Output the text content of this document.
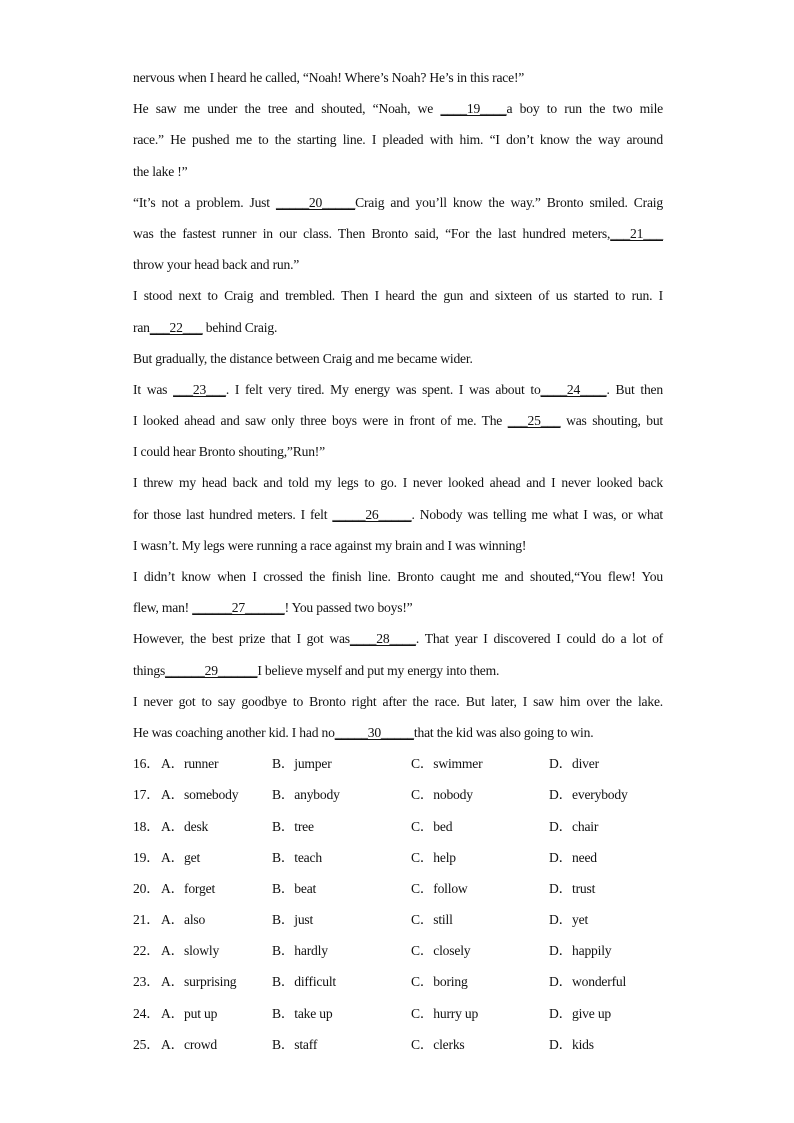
nervous when I heard he called, “Noah! Where’s Noah? He’s in this race!”
He saw me under the tree and shouted, “Noah, we ____19____a boy to run the two mile
race.” He pushed me to the starting line. I pleaded with him. “I don’t know the way around
the lake !”
“It’s not a problem. Just _____20_____Craig and you’ll know the way.” Bronto smiled. Craig
was the fastest runner in our class. Then Bronto said, “For the last hundred meters,___21___
throw your head back and run.”
I stood next to Craig and trembled. Then I heard the gun and sixteen of us started to run. I
ran___22___ behind Craig.
But gradually, the distance between Craig and me became wider.
It was ___23___. I felt very tired. My energy was spent. I was about to____24____. But then
I looked ahead and saw only three boys were in front of me. The ___25___ was shouting, but
I could hear Bronto shouting,”Run!”
I threw my head back and told my legs to go. I never looked ahead and I never looked back
for those last hundred meters. I felt _____26_____. Nobody was telling me what I was, or what
I wasn’t. My legs were running a race against my brain and I was winning!
I didn’t know when I crossed the finish line. Bronto caught me and shouted,“You flew! You
flew, man! ______27______! You passed two boys!”
However, the best prize that I got was____28____. That year I discovered I could do a lot of
things______29______I believe myself and put my energy into them.
I never got to say goodbye to Bronto right after the race. But later, I saw him over the lake.
He was coaching another kid. I had no_____30_____that the kid was also going to win.
16． A．runner	B．jumper	C．swimmer	D．diver
17． A．somebody B．anybody	C．nobody	D．everybody
18． A．desk	B．tree	C．bed	D．chair
19． A．get	B．teach	C．help	D．need
20． A．forget	B．beat	C．follow	D．trust
21． A．also	B．just	C．still	D．yet
22． A．slowly	B．hardly	C．closely	D．happily
23． A．surprising	B．difficult	C．boring	D．wonderful
24． A．put up	B．take up	C．hurry up	D．give up
25． A．crowd	B．staff	C．clerks	D．kids
